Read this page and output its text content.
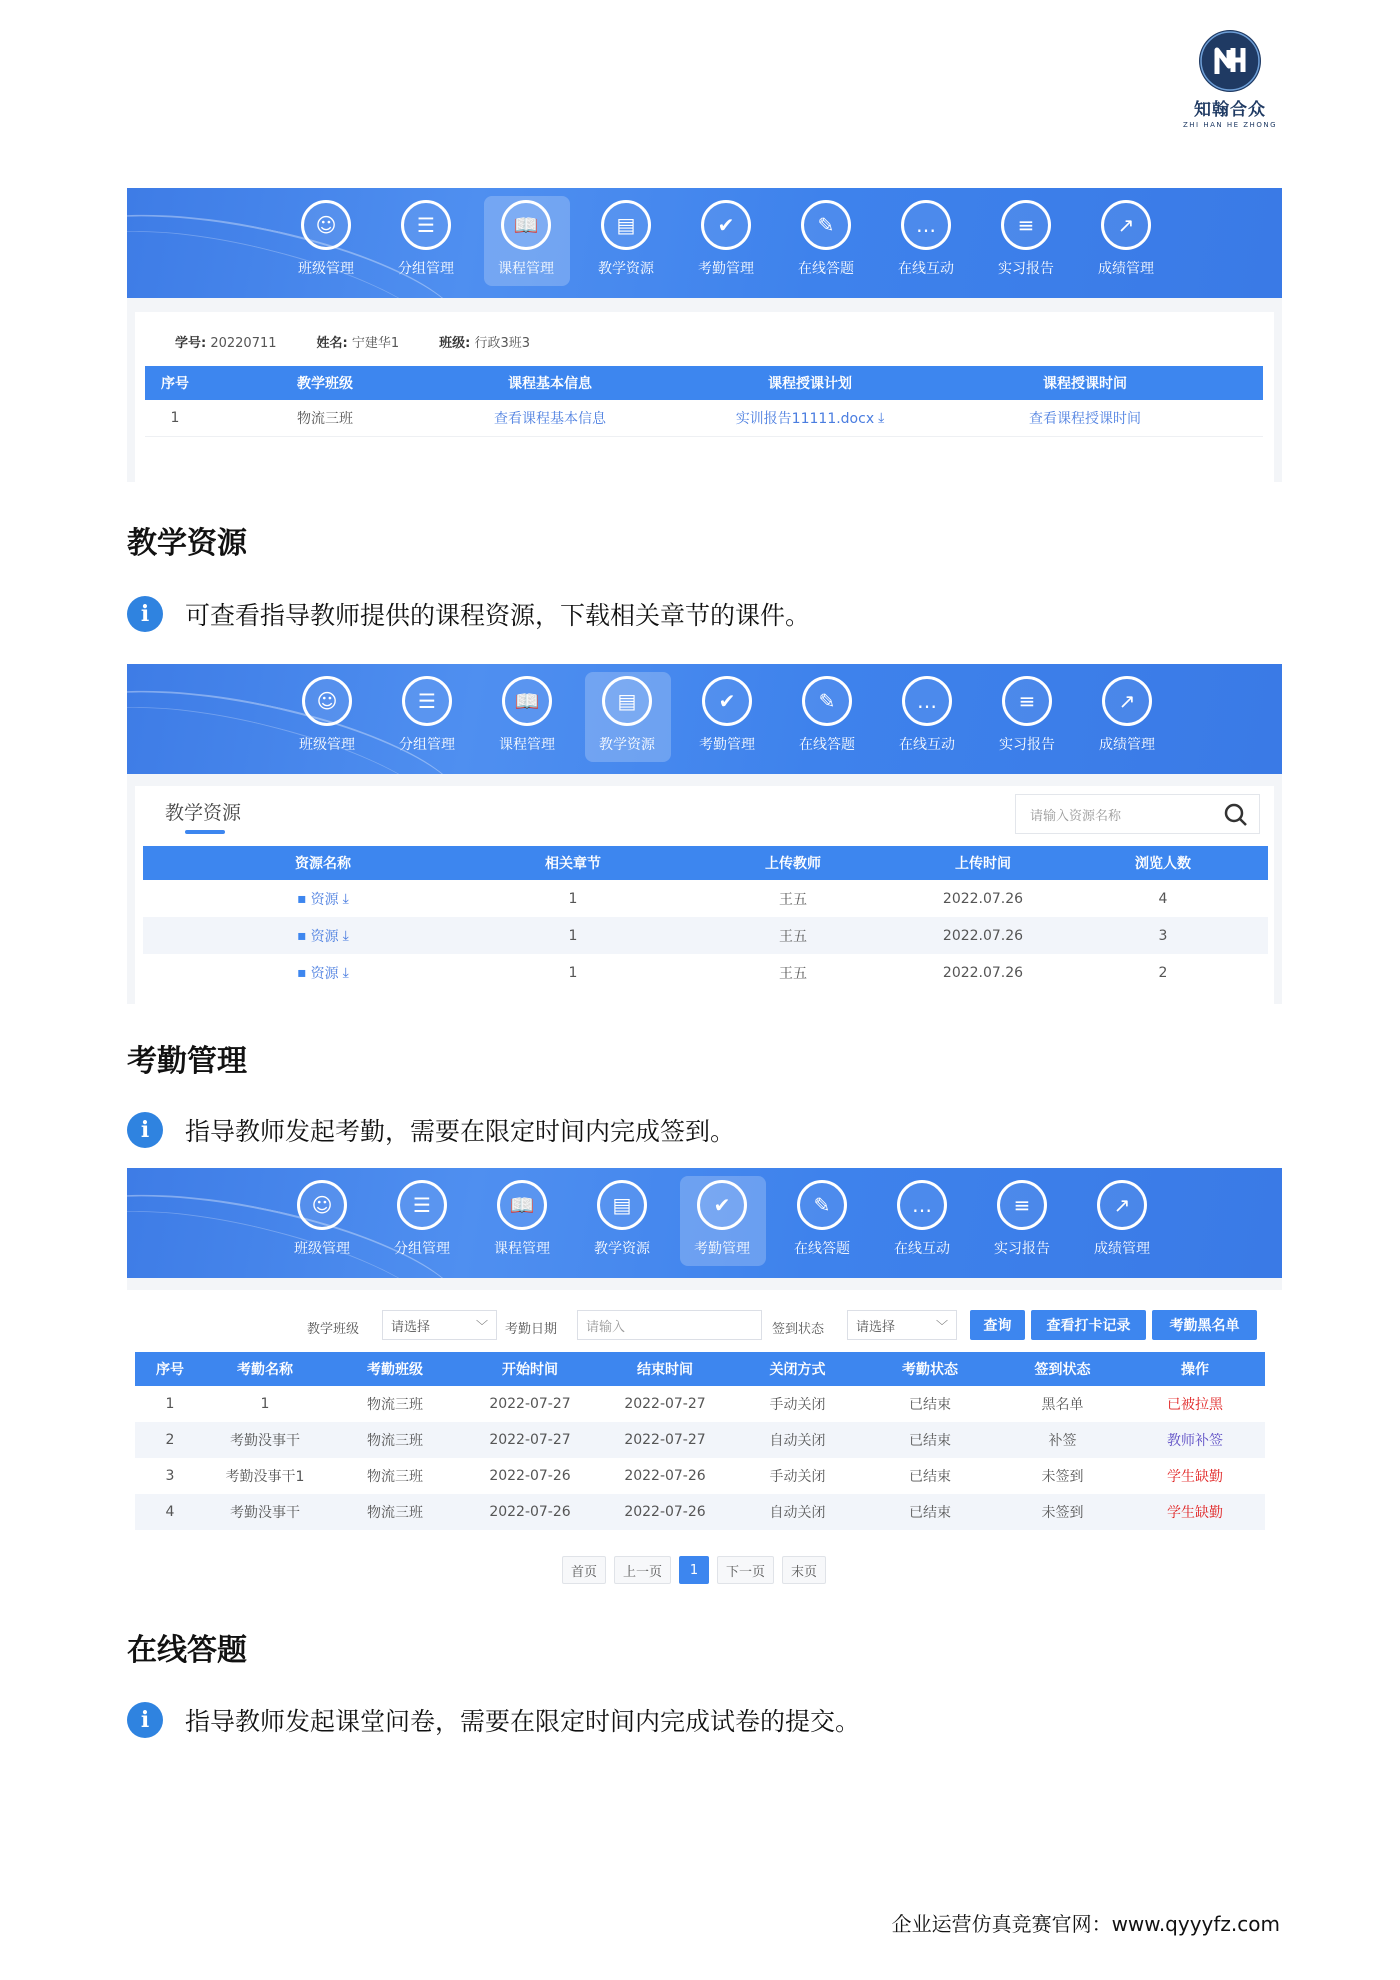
知翰合众
ZHI HAN HE ZHONG
☺
班级管理
☰
分组管理
📖
课程管理
▤
教学资源
✔
考勤管理
✎
在线答题
…
在线互动
≡
实习报告
↗
成绩管理
学号: 20220711	姓名: 宁建华1	班级: 行政3班3
序号	教学班级	课程基本信息	课程授课计划	课程授课时间
1	物流三班	查看课程基本信息	实训报告11111.docx ⤓	查看课程授课时间
教学资源
i	可查看指导教师提供的课程资源，下载相关章节的课件。
☺
班级管理
☰
分组管理
📖
课程管理
▤
教学资源
✔
考勤管理
✎
在线答题
…
在线互动
≡
实习报告
↗
成绩管理
教学资源	请输入资源名称
资源名称	相关章节	上传教师	上传时间	浏览人数
▪ 资源 ⤓	1	王五	2022.07.26	4
▪ 资源 ⤓	1	王五	2022.07.26	3
▪ 资源 ⤓	1	王五	2022.07.26	2
考勤管理
i	指导教师发起考勤，需要在限定时间内完成签到。
☺
班级管理
☰
分组管理
📖
课程管理
▤
教学资源
✔
考勤管理
✎
在线答题
…
在线互动
≡
实习报告
↗
成绩管理
教学班级 请选择	﹀ 考勤日期 请输入	签到状态 请选择	﹀	查询	查看打卡记录	考勤黑名单
序号	考勤名称	考勤班级	开始时间	结束时间	关闭方式	考勤状态	签到状态	操作
1	1	物流三班	2022-07-27	2022-07-27	手动关闭	已结束	黑名单	已被拉黑
2	考勤没事干	物流三班	2022-07-27	2022-07-27	自动关闭	已结束	补签	教师补签
3	考勤没事干1	物流三班	2022-07-26	2022-07-26	手动关闭	已结束	未签到	学生缺勤
4	考勤没事干	物流三班	2022-07-26	2022-07-26	自动关闭	已结束	未签到	学生缺勤
首页	上一页	1	下一页	末页
在线答题
i	指导教师发起课堂问卷，需要在限定时间内完成试卷的提交。
企业运营仿真竞赛官网：www.qyyyfz.com
